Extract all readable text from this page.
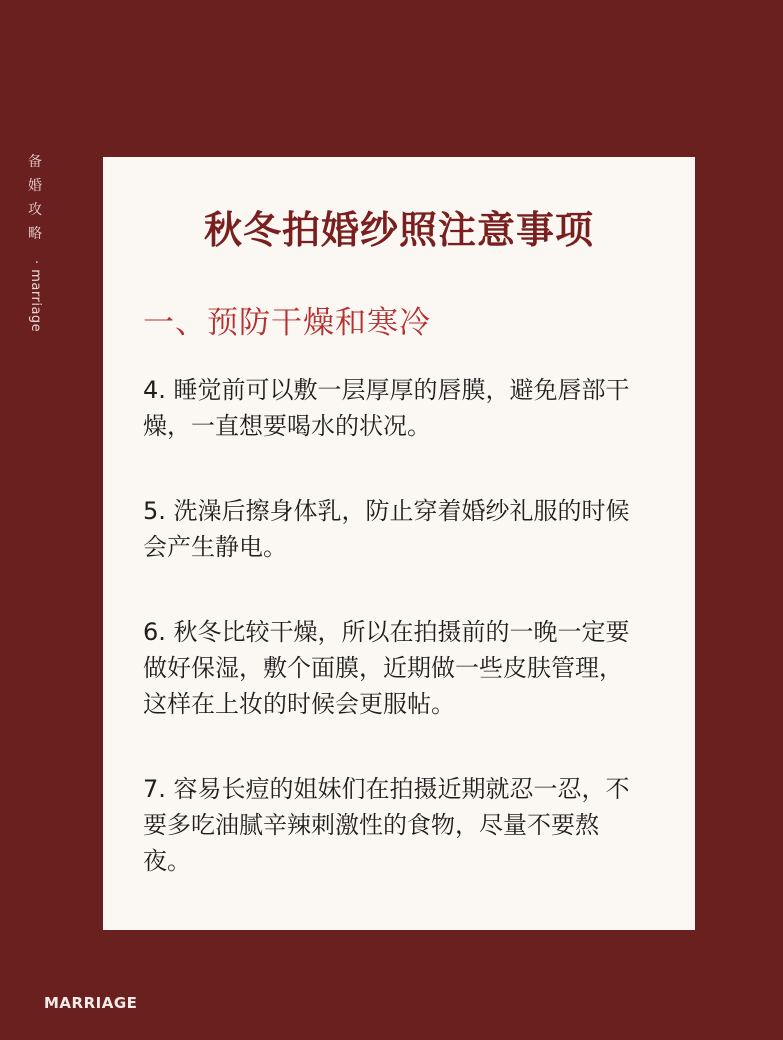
备
婚
攻
略
· marriage
秋冬拍婚纱照注意事项
一、预防干燥和寒冷

4. 睡觉前可以敷一层厚厚的唇膜，避免唇部干燥，一直想要喝水的状况。

5. 洗澡后擦身体乳，防止穿着婚纱礼服的时候会产生静电。

6. 秋冬比较干燥，所以在拍摄前的一晚一定要做好保湿，敷个面膜，近期做一些皮肤管理，这样在上妆的时候会更服帖。

7. 容易长痘的姐妹们在拍摄近期就忍一忍，不要多吃油腻辛辣刺激性的食物，尽量不要熬夜。

MARRIAGE
